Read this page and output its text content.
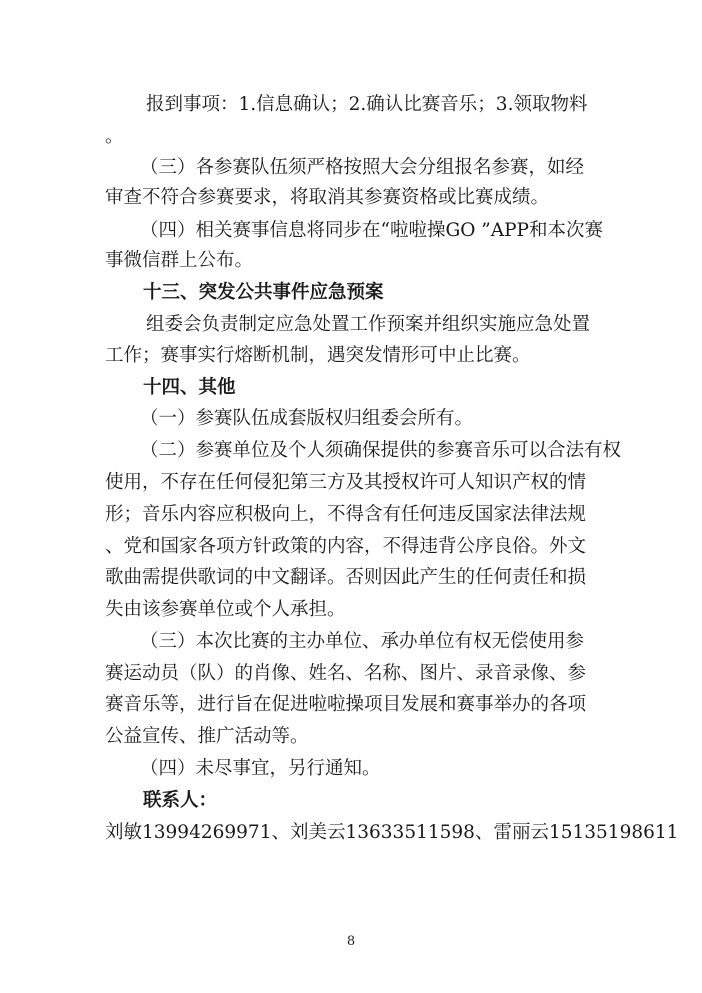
报到事项：1.信息确认；2.确认比赛音乐；3.领取物料
。
（三）各参赛队伍须严格按照大会分组报名参赛，如经
审查不符合参赛要求，将取消其参赛资格或比赛成绩。
（四）相关赛事信息将同步在“啦啦操GO ”APP和本次赛
事微信群上公布。
十三、突发公共事件应急预案
组委会负责制定应急处置工作预案并组织实施应急处置
工作；赛事实行熔断机制，遇突发情形可中止比赛。
十四、其他
（一）参赛队伍成套版权归组委会所有。
（二）参赛单位及个人须确保提供的参赛音乐可以合法有权
使用，不存在任何侵犯第三方及其授权许可人知识产权的情
形；音乐内容应积极向上，不得含有任何违反国家法律法规
、党和国家各项方针政策的内容，不得违背公序良俗。外文
歌曲需提供歌词的中文翻译。否则因此产生的任何责任和损
失由该参赛单位或个人承担。
（三）本次比赛的主办单位、承办单位有权无偿使用参
赛运动员（队）的肖像、姓名、名称、图片、录音录像、参
赛音乐等，进行旨在促进啦啦操项目发展和赛事举办的各项
公益宣传、推广活动等。
（四）未尽事宜，另行通知。
联系人：
刘敏13994269971、刘美云13633511598、雷丽云15135198611
8
